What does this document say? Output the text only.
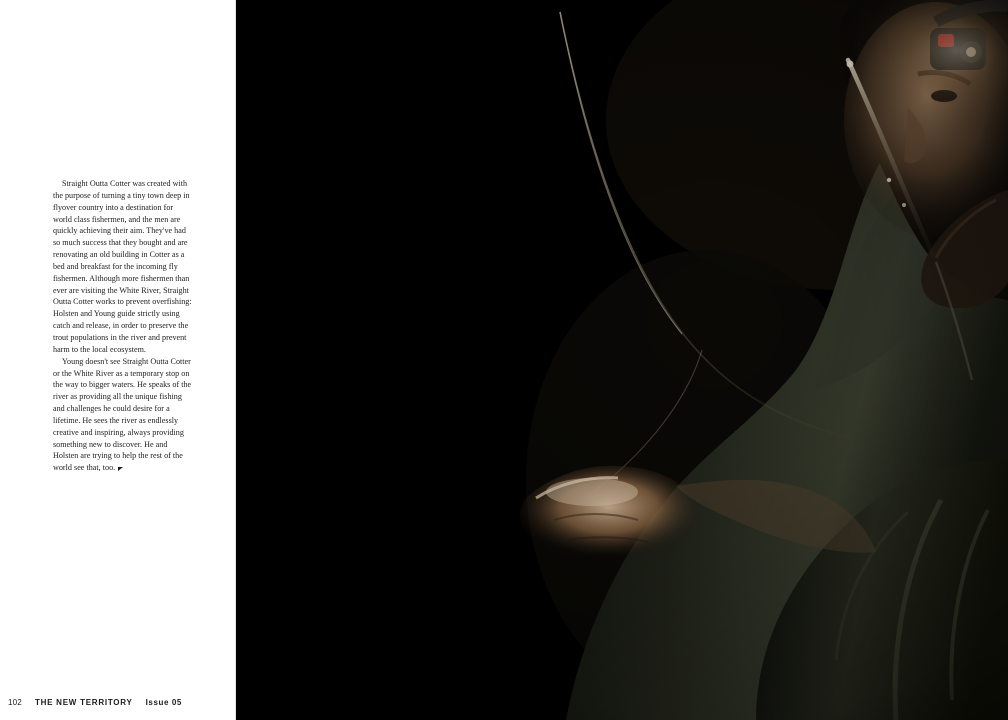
Straight Outta Cotter was created with the purpose of turning a tiny town deep in flyover country into a destination for world class fishermen, and the men are quickly achieving their aim. They've had so much success that they bought and are renovating an old building in Cotter as a bed and breakfast for the incoming fly fishermen. Although more fishermen than ever are visiting the White River, Straight Outta Cotter works to prevent overfishing: Holsten and Young guide strictly using catch and release, in order to preserve the trout populations in the river and prevent harm to the local ecosystem.

Young doesn't see Straight Outta Cotter or the White River as a temporary stop on the way to bigger waters. He speaks of the river as providing all the unique fishing and challenges he could desire for a lifetime. He sees the river as endlessly creative and inspiring, always providing something new to discover. He and Holsten are trying to help the rest of the world see that, too.

102 THE NEW TERRITORY Issue 05
